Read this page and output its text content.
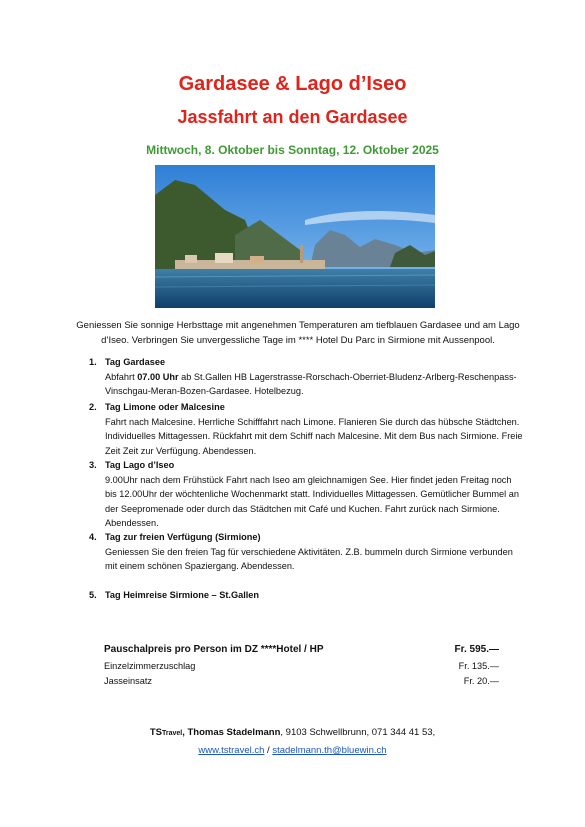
Gardasee & Lago d’Iseo
Jassfahrt an den Gardasee
Mittwoch, 8. Oktober bis Sonntag, 12. Oktober 2025
Geniessen Sie sonnige Herbsttage mit angenehmen Temperaturen am tiefblauen Gardasee und am Lago d’Iseo. Verbringen Sie unvergessliche Tage im **** Hotel Du Parc in Sirmione mit Aussenpool.
1. Tag Gardasee
Abfahrt 07.00 Uhr ab St.Gallen HB Lagerstrasse-Rorschach-Oberriet-Bludenz-Arlberg-Reschenpass-Vinschgau-Meran-Bozen-Gardasee. Hotelbezug.
2. Tag Limone oder Malcesine
Fahrt nach Malcesine. Herrliche Schifffahrt nach Limone. Flanieren Sie durch das hübsche Städtchen. Individuelles Mittagessen. Rückfahrt mit dem Schiff nach Malcesine. Mit dem Bus nach Sirmione. Freie Zeit Zeit zur Verfügung. Abendessen.
3. Tag Lago d’Iseo
9.00Uhr nach dem Frühstück Fahrt nach Iseo am gleichnamigen See. Hier findet jeden Freitag noch bis 12.00Uhr der wöchtenliche Wochenmarkt statt. Individuelles Mittagessen. Gemütlicher Bummel an der Seepromenade oder durch das Städtchen mit Café und Kuchen. Fahrt zurück nach Sirmione. Abendessen.
4. Tag zur freien Verfügung (Sirmione)
Geniessen Sie den freien Tag für verschiedene Aktivitäten. Z.B. bummeln durch Sirmione verbunden mit einem schönen Spaziergang. Abendessen.
5. Tag Heimreise Sirmione – St.Gallen
Pauschalpreis pro Person im DZ ****Hotel / HP	Fr. 595.—
Einzelzimmerzuschlag	Fr. 135.—
Jasseinsatz	Fr. 20.—
TSTravel, Thomas Stadelmann, 9103 Schwellbrunn, 071 344 41 53,
www.tstravel.ch / stadelmann.th@bluewin.ch
